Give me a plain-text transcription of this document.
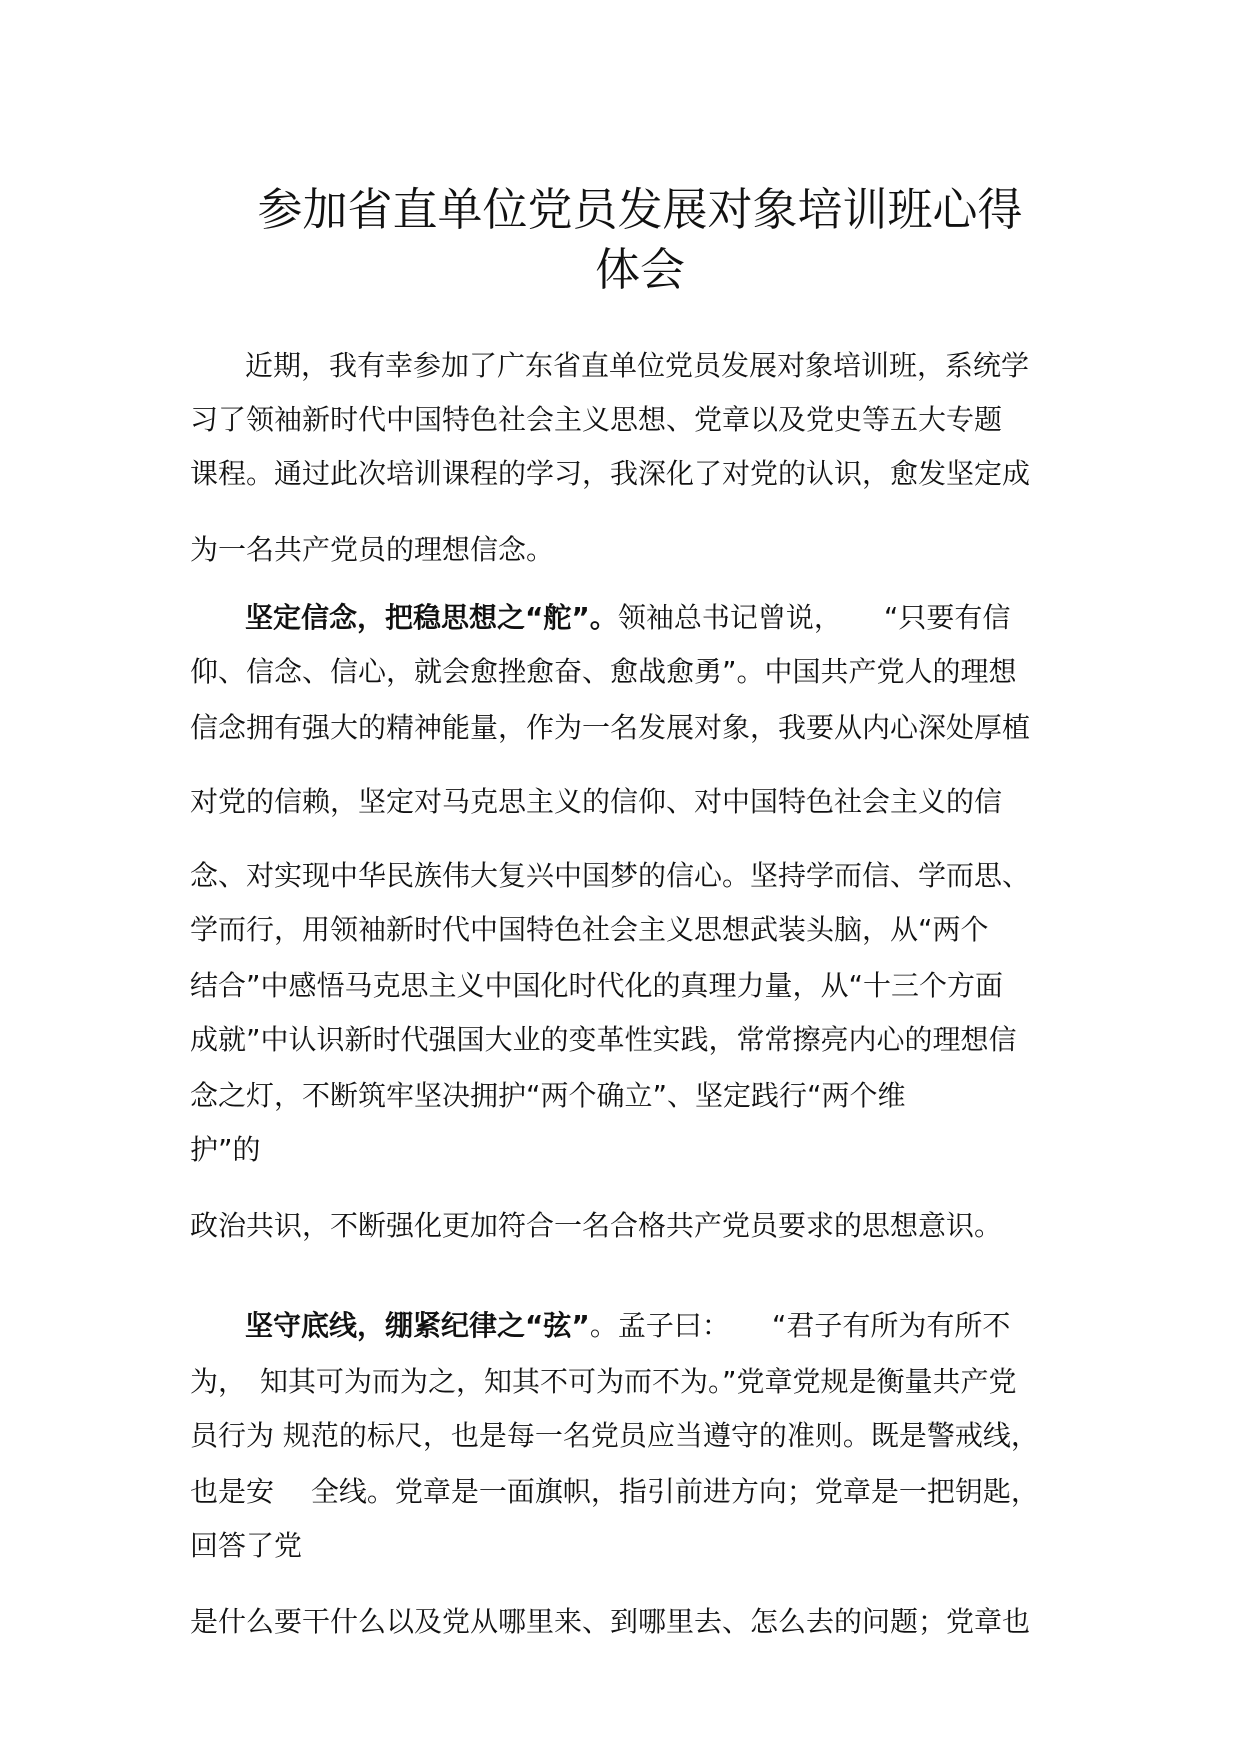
参加省直单位党员发展对象培训班心得
体会

近期，我有幸参加了广东省直单位党员发展对象培训班，系统学

习了领袖新时代中国特色社会主义思想、党章以及党史等五大专题

课程。通过此次培训课程的学习，我深化了对党的认识，愈发坚定成

为一名共产党员的理想信念。

坚定信念，把稳思想之“舵”。领袖总书记曾说，　　“只要有信

仰、信念、信心，就会愈挫愈奋、愈战愈勇”。中国共产党人的理想

信念拥有强大的精神能量，作为一名发展对象，我要从内心深处厚植

对党的信赖，坚定对马克思主义的信仰、对中国特色社会主义的信

念、对实现中华民族伟大复兴中国梦的信心。坚持学而信、学而思、

学而行，用领袖新时代中国特色社会主义思想武装头脑，从“两个

结合”中感悟马克思主义中国化时代化的真理力量，从“十三个方面

成就”中认识新时代强国大业的变革性实践，常常擦亮内心的理想信

念之灯，不断筑牢坚决拥护“两个确立”、坚定践行“两个维

护”的

政治共识，不断强化更加符合一名合格共产党员要求的思想意识。

坚守底线，绷紧纪律之“弦”。孟子曰：　　“君子有所为有所不

为，　知其可为而为之，知其不可为而不为。”党章党规是衡量共产党

员行为 规范的标尺，也是每一名党员应当遵守的准则。既是警戒线，

也是安　 全线。党章是一面旗帜，指引前进方向；党章是一把钥匙，

回答了党

是什么要干什么以及党从哪里来、到哪里去、怎么去的问题；党章也
